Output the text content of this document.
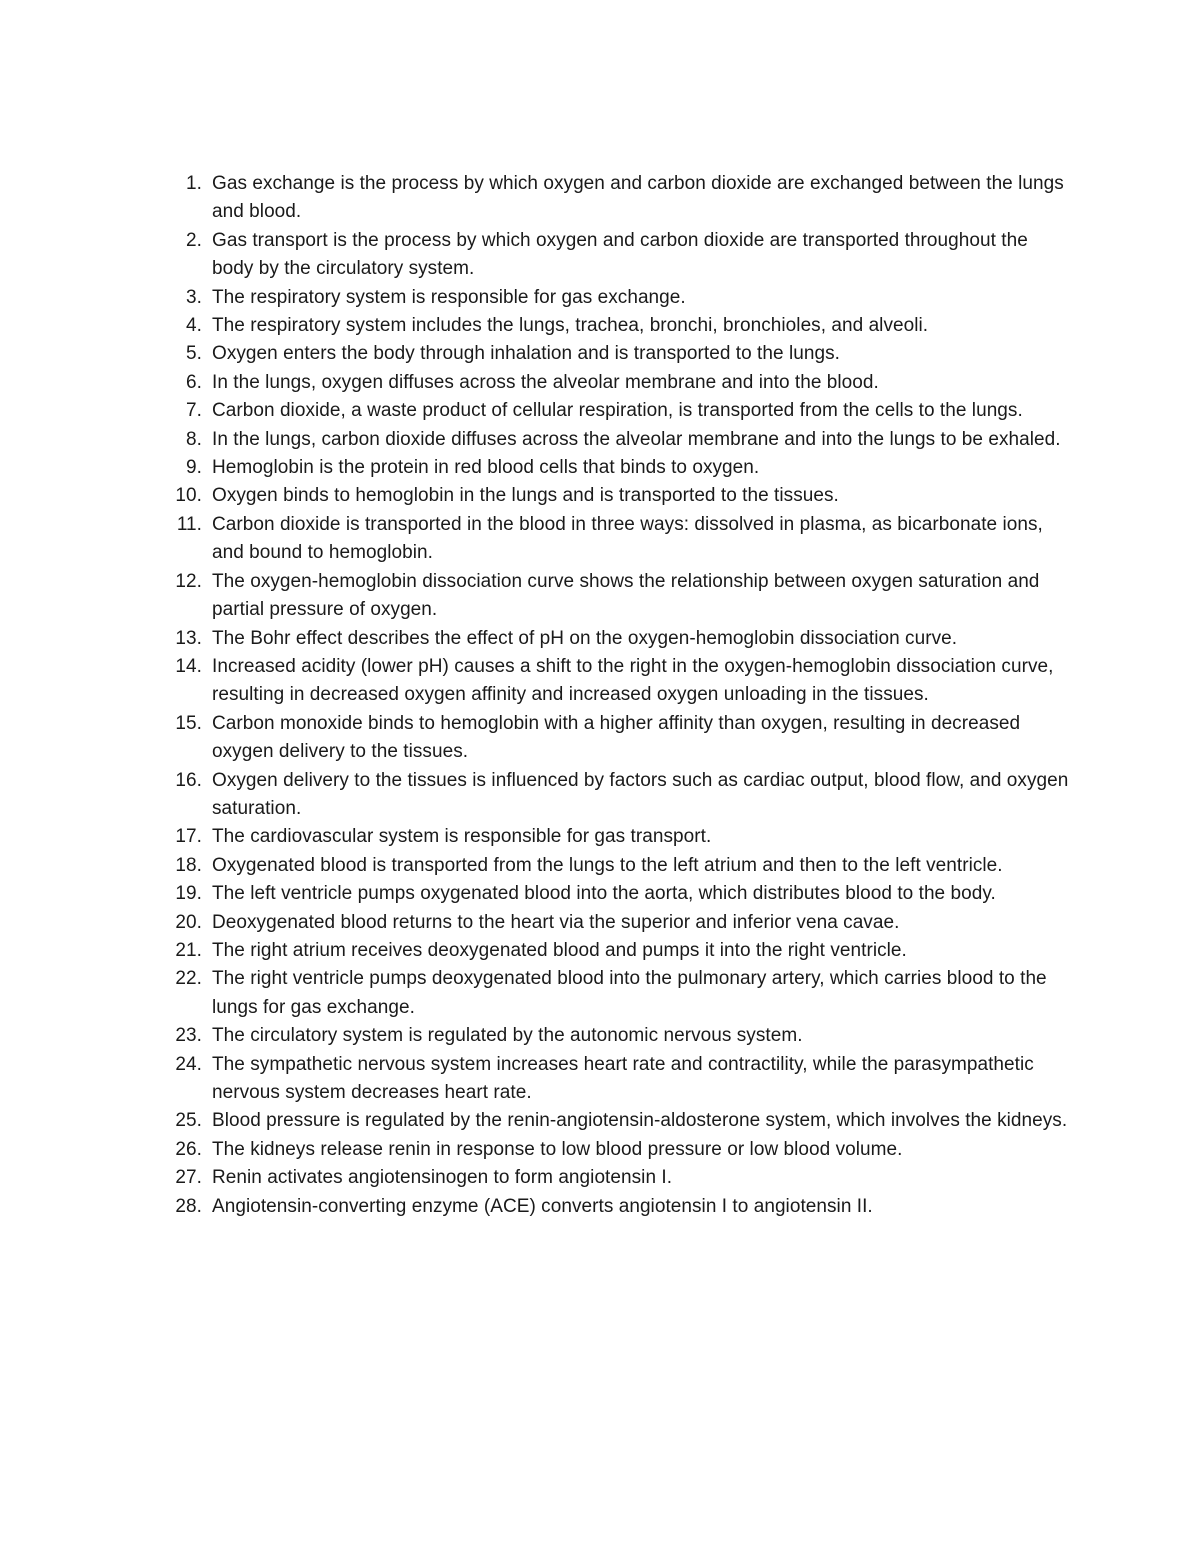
1. Gas exchange is the process by which oxygen and carbon dioxide are exchanged between the lungs and blood.
2. Gas transport is the process by which oxygen and carbon dioxide are transported throughout the body by the circulatory system.
3. The respiratory system is responsible for gas exchange.
4. The respiratory system includes the lungs, trachea, bronchi, bronchioles, and alveoli.
5. Oxygen enters the body through inhalation and is transported to the lungs.
6. In the lungs, oxygen diffuses across the alveolar membrane and into the blood.
7. Carbon dioxide, a waste product of cellular respiration, is transported from the cells to the lungs.
8. In the lungs, carbon dioxide diffuses across the alveolar membrane and into the lungs to be exhaled.
9. Hemoglobin is the protein in red blood cells that binds to oxygen.
10. Oxygen binds to hemoglobin in the lungs and is transported to the tissues.
11. Carbon dioxide is transported in the blood in three ways: dissolved in plasma, as bicarbonate ions, and bound to hemoglobin.
12. The oxygen-hemoglobin dissociation curve shows the relationship between oxygen saturation and partial pressure of oxygen.
13. The Bohr effect describes the effect of pH on the oxygen-hemoglobin dissociation curve.
14. Increased acidity (lower pH) causes a shift to the right in the oxygen-hemoglobin dissociation curve, resulting in decreased oxygen affinity and increased oxygen unloading in the tissues.
15. Carbon monoxide binds to hemoglobin with a higher affinity than oxygen, resulting in decreased oxygen delivery to the tissues.
16. Oxygen delivery to the tissues is influenced by factors such as cardiac output, blood flow, and oxygen saturation.
17. The cardiovascular system is responsible for gas transport.
18. Oxygenated blood is transported from the lungs to the left atrium and then to the left ventricle.
19. The left ventricle pumps oxygenated blood into the aorta, which distributes blood to the body.
20. Deoxygenated blood returns to the heart via the superior and inferior vena cavae.
21. The right atrium receives deoxygenated blood and pumps it into the right ventricle.
22. The right ventricle pumps deoxygenated blood into the pulmonary artery, which carries blood to the lungs for gas exchange.
23. The circulatory system is regulated by the autonomic nervous system.
24. The sympathetic nervous system increases heart rate and contractility, while the parasympathetic nervous system decreases heart rate.
25. Blood pressure is regulated by the renin-angiotensin-aldosterone system, which involves the kidneys.
26. The kidneys release renin in response to low blood pressure or low blood volume.
27. Renin activates angiotensinogen to form angiotensin I.
28. Angiotensin-converting enzyme (ACE) converts angiotensin I to angiotensin II.
